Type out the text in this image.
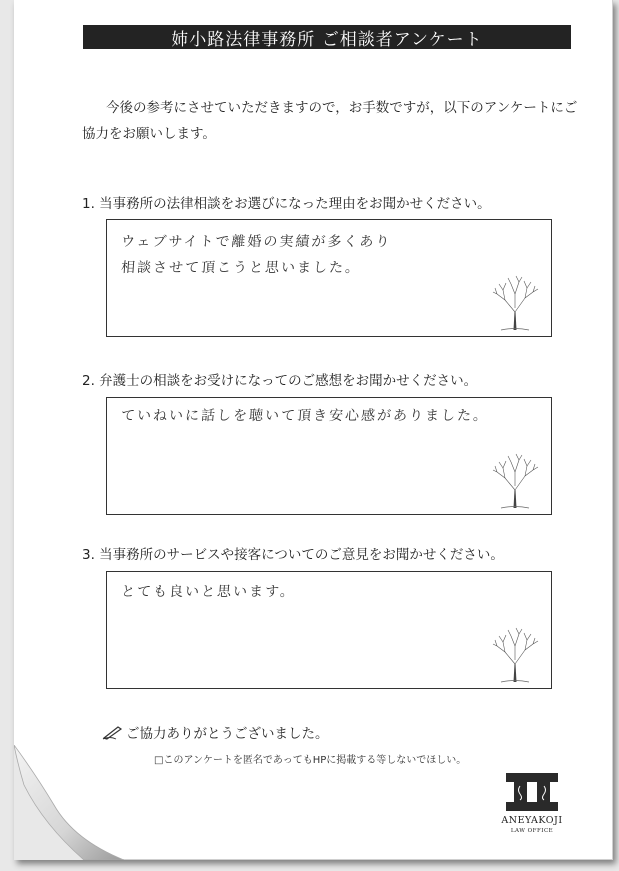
姉小路法律事務所 ご相談者アンケート
今後の参考にさせていただきますので，お手数ですが，以下のアンケートにご協力をお願いします。
1. 当事務所の法律相談をお選びになった理由をお聞かせください。
ウェブサイトで離婚の実績が多くあり
相談させて頂こうと思いました。
2. 弁護士の相談をお受けになってのご感想をお聞かせください。
ていねいに話しを聴いて頂き安心感がありました。
3. 当事務所のサービスや接客についてのご意見をお聞かせください。
とても良いと思います。
ご協力ありがとうございました。
□このアンケートを匿名であってもHPに掲載する等しないでほしい。
ANEYAKOJI
LAW OFFICE
